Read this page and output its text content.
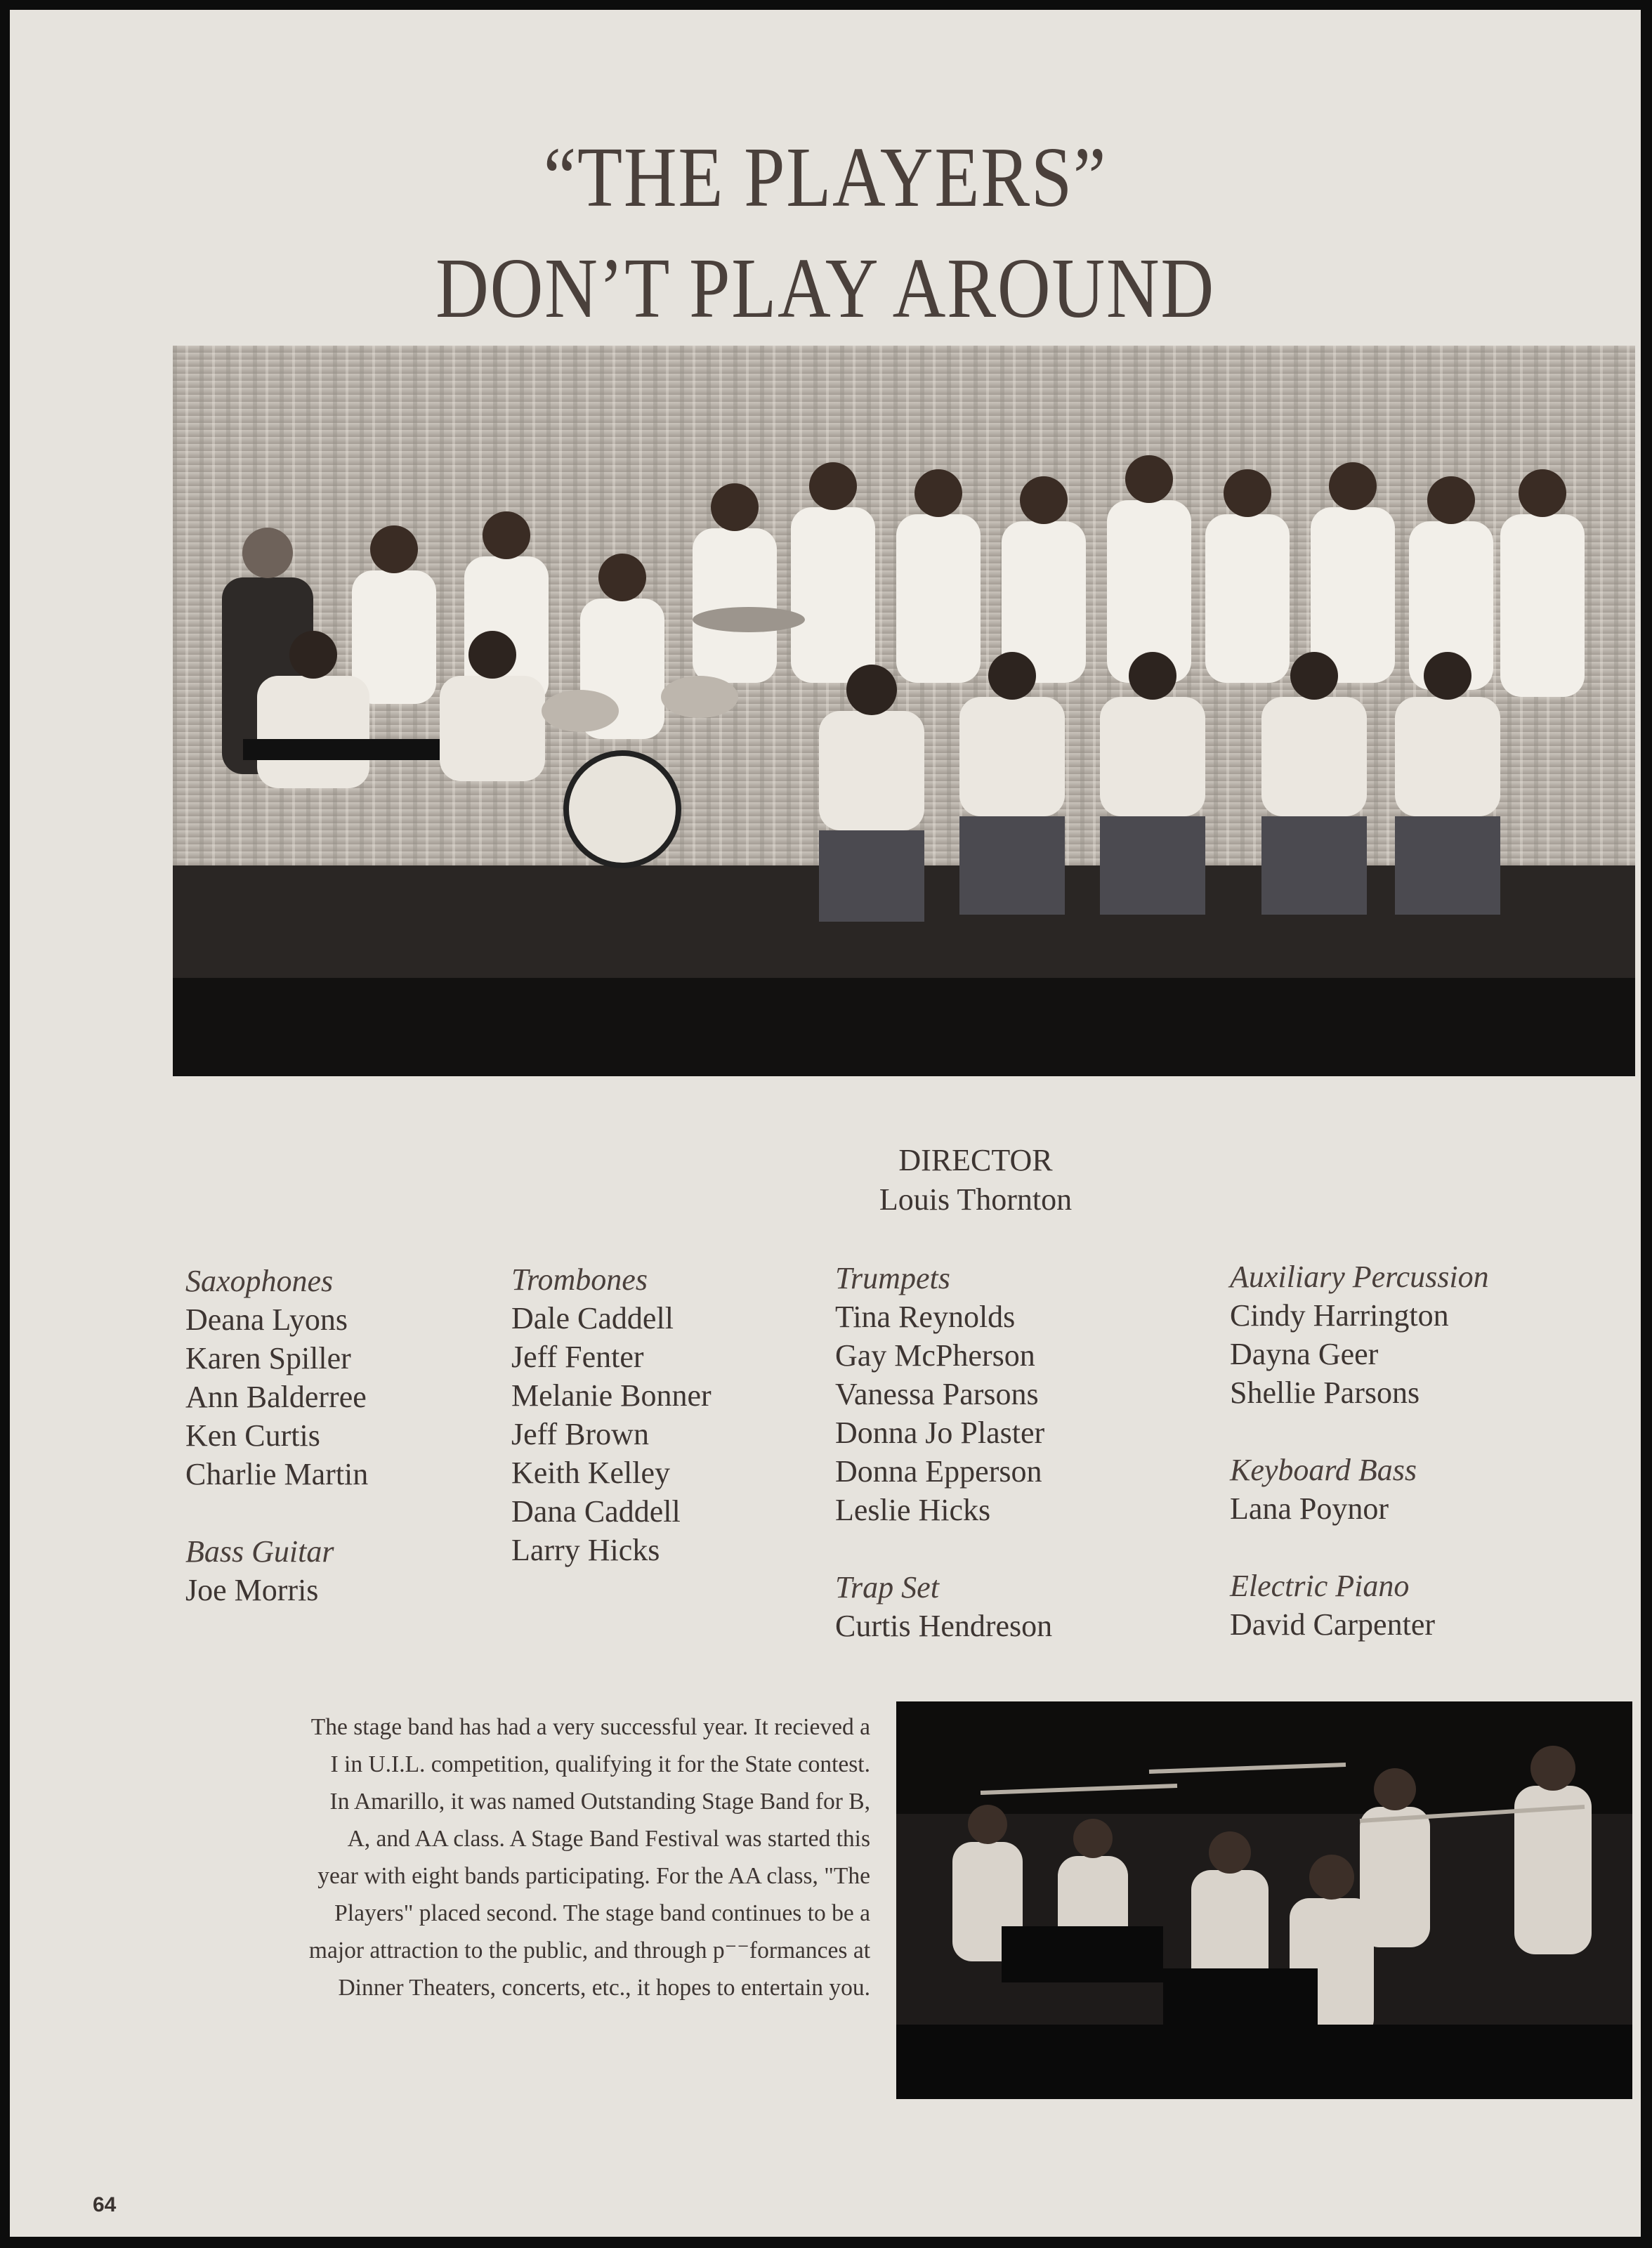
“THE PLAYERS”
DON’T PLAY AROUND
DIRECTOR
Louis Thornton
Saxophones
Deana Lyons
Karen Spiller
Ann Balderree
Ken Curtis
Charlie Martin
Bass Guitar
Joe Morris
Trombones
Dale Caddell
Jeff Fenter
Melanie Bonner
Jeff Brown
Keith Kelley
Dana Caddell
Larry Hicks
Trumpets
Tina Reynolds
Gay McPherson
Vanessa Parsons
Donna Jo Plaster
Donna Epperson
Leslie Hicks
Trap Set
Curtis Hendreson
Auxiliary Percussion
Cindy Harrington
Dayna Geer
Shellie Parsons
Keyboard Bass
Lana Poynor
Electric Piano
David Carpenter
The stage band has had a very successful year. It recieved a
I in U.I.L. competition, qualifying it for the State contest.
In Amarillo, it was named Outstanding Stage Band for B,
A, and AA class. A Stage Band Festival was started this
year with eight bands participating. For the AA class, "The
Players" placed second. The stage band continues to be a
major attraction to the public, and through p⁻⁻formances at
Dinner Theaters, concerts, etc., it hopes to entertain you.
64
